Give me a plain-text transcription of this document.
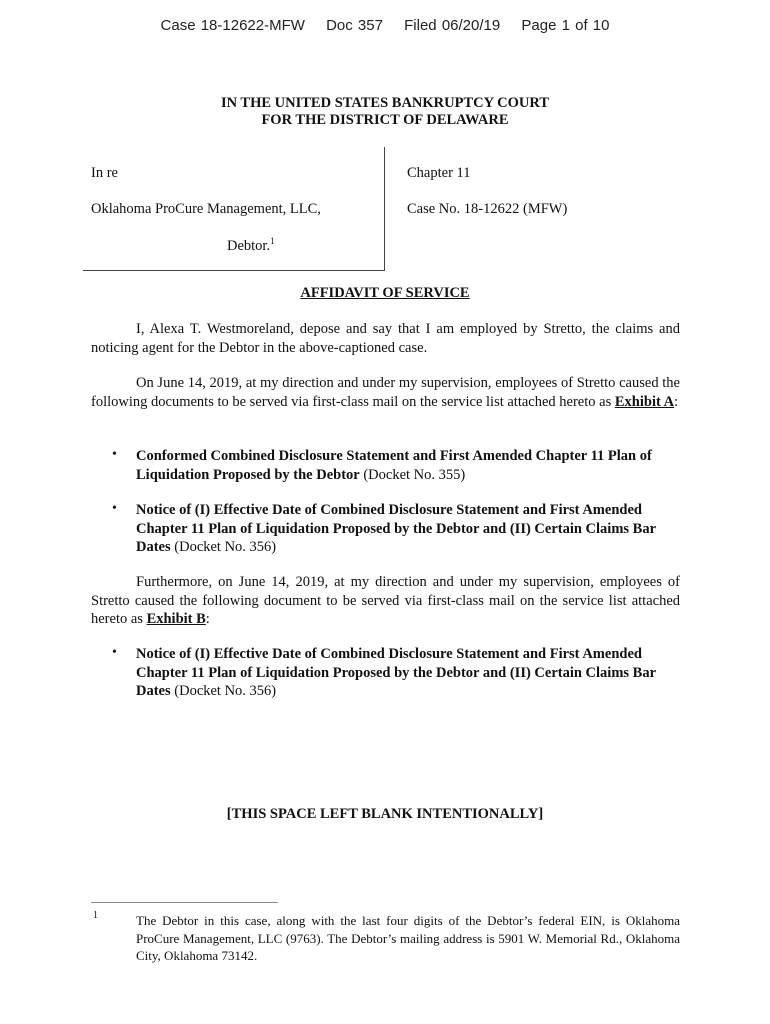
Case 18-12622-MFW Doc 357 Filed 06/20/19 Page 1 of 10
IN THE UNITED STATES BANKRUPTCY COURT
FOR THE DISTRICT OF DELAWARE
In re
Oklahoma ProCure Management, LLC,
Debtor.$^1$
Chapter 11
Case No. 18-12622 (MFW)
AFFIDAVIT OF SERVICE
I, Alexa T. Westmoreland, depose and say that I am employed by Stretto, the claims and noticing agent for the Debtor in the above-captioned case.
On June 14, 2019, at my direction and under my supervision, employees of Stretto caused the following documents to be served via first-class mail on the service list attached hereto as Exhibit A:
• Conformed Combined Disclosure Statement and First Amended Chapter 11 Plan of Liquidation Proposed by the Debtor (Docket No. 355)
• Notice of (I) Effective Date of Combined Disclosure Statement and First Amended Chapter 11 Plan of Liquidation Proposed by the Debtor and (II) Certain Claims Bar Dates (Docket No. 356)
Furthermore, on June 14, 2019, at my direction and under my supervision, employees of Stretto caused the following document to be served via first-class mail on the service list attached hereto as Exhibit B:
• Notice of (I) Effective Date of Combined Disclosure Statement and First Amended Chapter 11 Plan of Liquidation Proposed by the Debtor and (II) Certain Claims Bar Dates (Docket No. 356)
[THIS SPACE LEFT BLANK INTENTIONALLY]
1	The Debtor in this case, along with the last four digits of the Debtor’s federal EIN, is Oklahoma ProCure Management, LLC (9763). The Debtor’s mailing address is 5901 W. Memorial Rd., Oklahoma City, Oklahoma 73142.
